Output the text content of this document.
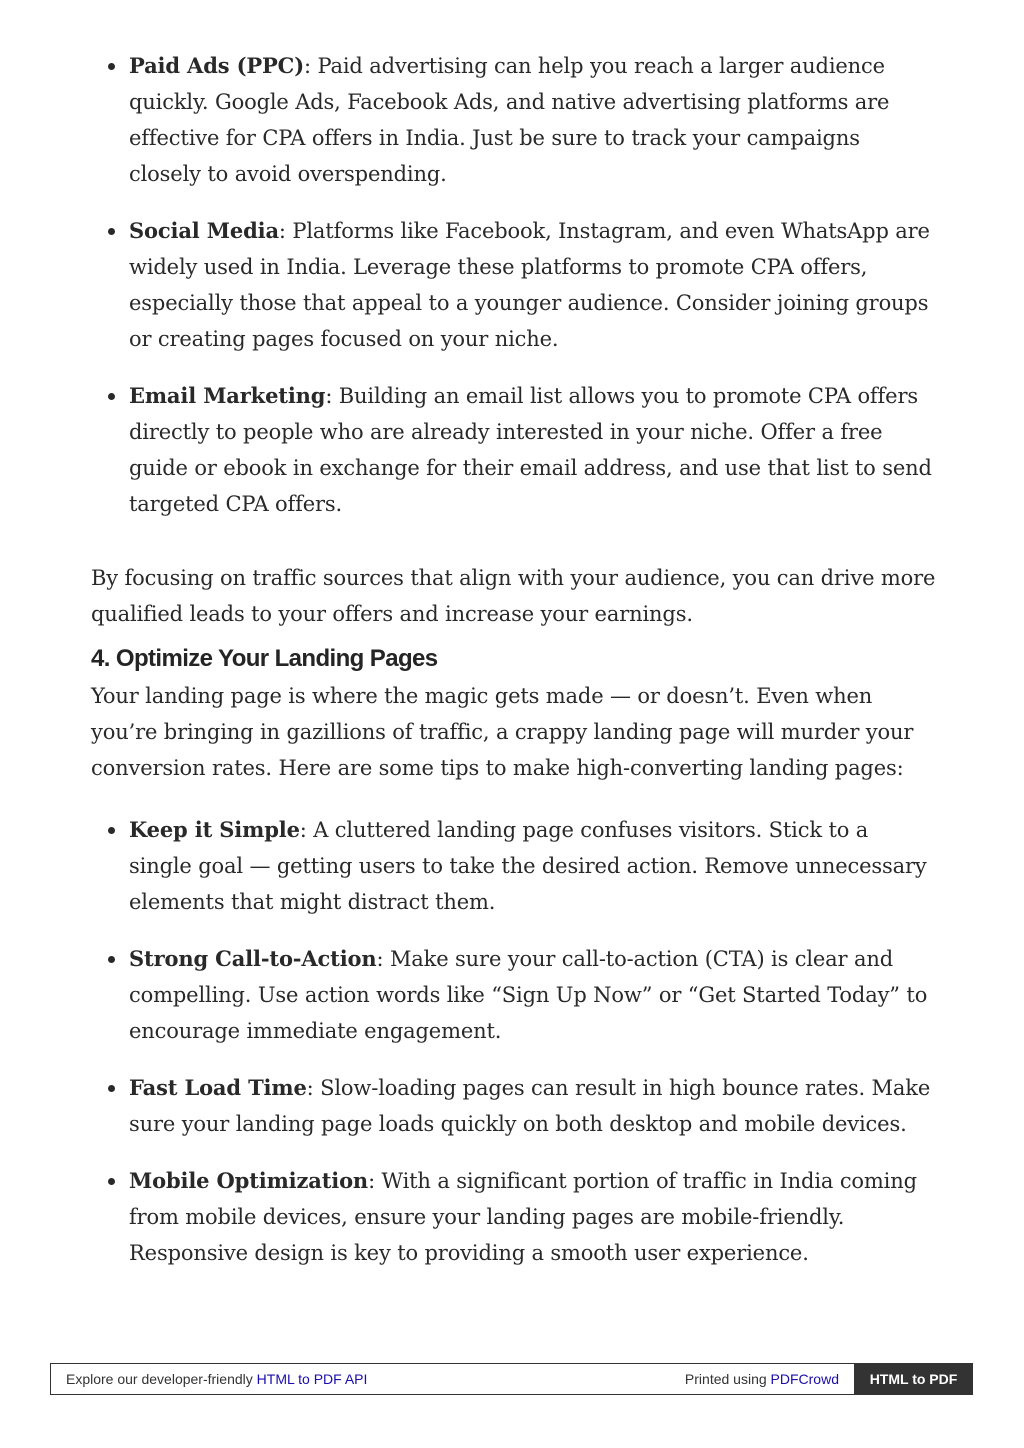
Paid Ads (PPC): Paid advertising can help you reach a larger audience quickly. Google Ads, Facebook Ads, and native advertising platforms are effective for CPA offers in India. Just be sure to track your campaigns closely to avoid overspending.
Social Media: Platforms like Facebook, Instagram, and even WhatsApp are widely used in India. Leverage these platforms to promote CPA offers, especially those that appeal to a younger audience. Consider joining groups or creating pages focused on your niche.
Email Marketing: Building an email list allows you to promote CPA offers directly to people who are already interested in your niche. Offer a free guide or ebook in exchange for their email address, and use that list to send targeted CPA offers.

By focusing on traffic sources that align with your audience, you can drive more qualified leads to your offers and increase your earnings.

4. Optimize Your Landing Pages

Your landing page is where the magic gets made — or doesn’t. Even when you’re bringing in gazillions of traffic, a crappy landing page will murder your conversion rates. Here are some tips to make high-converting landing pages:

Keep it Simple: A cluttered landing page confuses visitors. Stick to a single goal — getting users to take the desired action. Remove unnecessary elements that might distract them.
Strong Call-to-Action: Make sure your call-to-action (CTA) is clear and compelling. Use action words like “Sign Up Now” or “Get Started Today” to encourage immediate engagement.
Fast Load Time: Slow-loading pages can result in high bounce rates. Make sure your landing page loads quickly on both desktop and mobile devices.
Mobile Optimization: With a significant portion of traffic in India coming from mobile devices, ensure your landing pages are mobile-friendly. Responsive design is key to providing a smooth user experience.
Explore our developer-friendly HTML to PDF API	Printed using PDFCrowd	HTML to PDF
